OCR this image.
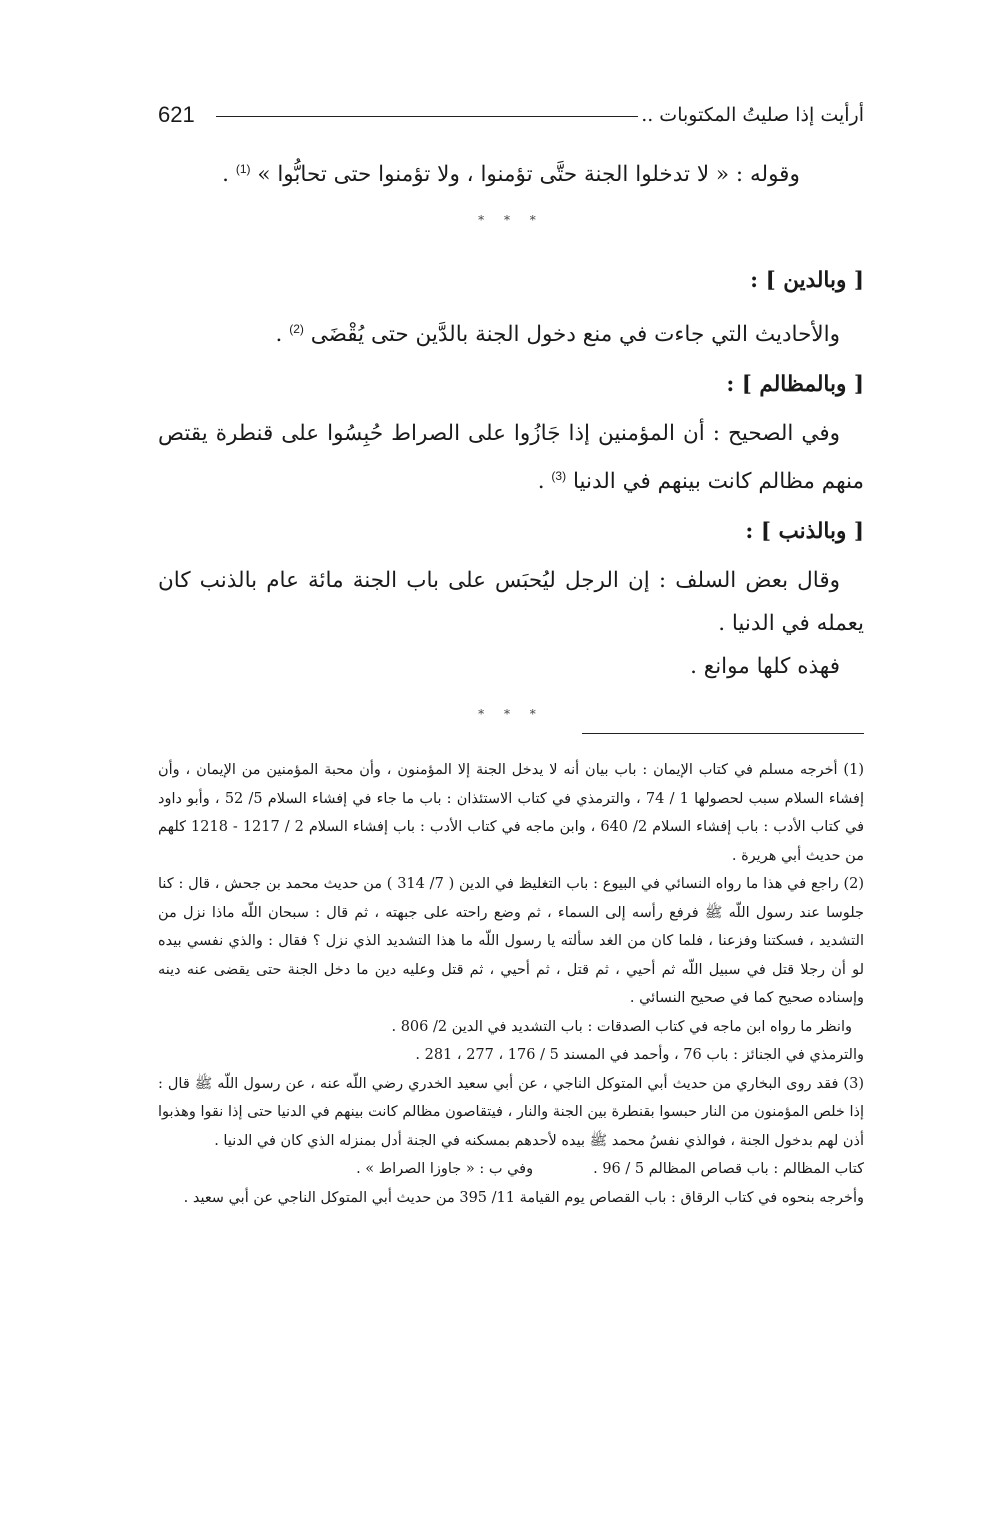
621	أرأيت إذا صليتُ المكتوبات ..

وقوله : « لا تدخلوا الجنة حتَّى تؤمنوا ، ولا تؤمنوا حتى تحابُّوا » $^{(1)}$ .

* * *

[ وبالدين ] :

والأحاديث التي جاءت في منع دخول الجنة بالدَّين حتى يُقْضَى $^{(2)}$ .

[ وبالمظالم ] :

وفي الصحيح : أن المؤمنين إذا جَازُوا على الصراط حُبِسُوا على قنطرة يقتص منهم مظالم كانت بينهم في الدنيا $^{(3)}$ .

[ وبالذنب ] :

وقال بعض السلف : إن الرجل ليُحبَس على باب الجنة مائة عام بالذنب كان يعمله في الدنيا .

فهذه كلها موانع .

* * *

(1) أخرجه مسلم في كتاب الإيمان : باب بيان أنه لا يدخل الجنة إلا المؤمنون ، وأن محبة المؤمنين من الإيمان ، وأن إفشاء السلام سبب لحصولها 1 / 74 ، والترمذي في كتاب الاستئذان : باب ما جاء في إفشاء السلام 5/ 52 ، وأبو داود في كتاب الأدب : باب إفشاء السلام 2/ 640 ، وابن ماجه في كتاب الأدب : باب إفشاء السلام 2 / 1217 - 1218 كلهم من حديث أبي هريرة .

(2) راجع في هذا ما رواه النسائي في البيوع : باب التغليظ في الدين ( 7/ 314 ) من حديث محمد بن جحش ، قال : كنا جلوسا عند رسول اللّه ﷺ فرفع رأسه إلى السماء ، ثم وضع راحته على جبهته ، ثم قال : سبحان اللّه ماذا نزل من التشديد ، فسكتنا وفزعنا ، فلما كان من الغد سألته يا رسول اللّه ما هذا التشديد الذي نزل ؟ فقال : والذي نفسي بيده لو أن رجلا قتل في سبيل اللّه ثم أحيي ، ثم قتل ، ثم أحيي ، ثم قتل وعليه دين ما دخل الجنة حتى يقضى عنه دينه وإسناده صحيح كما في صحيح النسائي .

وانظر ما رواه ابن ماجه في كتاب الصدقات : باب التشديد في الدين 2/ 806 .

والترمذي في الجنائز : باب 76 ، وأحمد في المسند 5 / 176 ، 277 ، 281 .

(3) فقد روى البخاري من حديث أبي المتوكل الناجي ، عن أبي سعيد الخدري رضي اللّه عنه ، عن رسول اللّه ﷺ قال : إذا خلص المؤمنون من النار حبسوا بقنطرة بين الجنة والنار ، فيتقاصون مظالم كانت بينهم في الدنيا حتى إذا نقوا وهذبوا أذن لهم بدخول الجنة ، فوالذي نفسُ محمد ﷺ بيده لأحدهم بمسكنه في الجنة أدل بمنزله الذي كان في الدنيا .

كتاب المظالم : باب قصاص المظالم 5 / 96 .
وفي ب : « جاوزا الصراط » .

وأخرجه بنحوه في كتاب الرقاق : باب القصاص يوم القيامة 11/ 395 من حديث أبي المتوكل الناجي عن أبي سعيد .
